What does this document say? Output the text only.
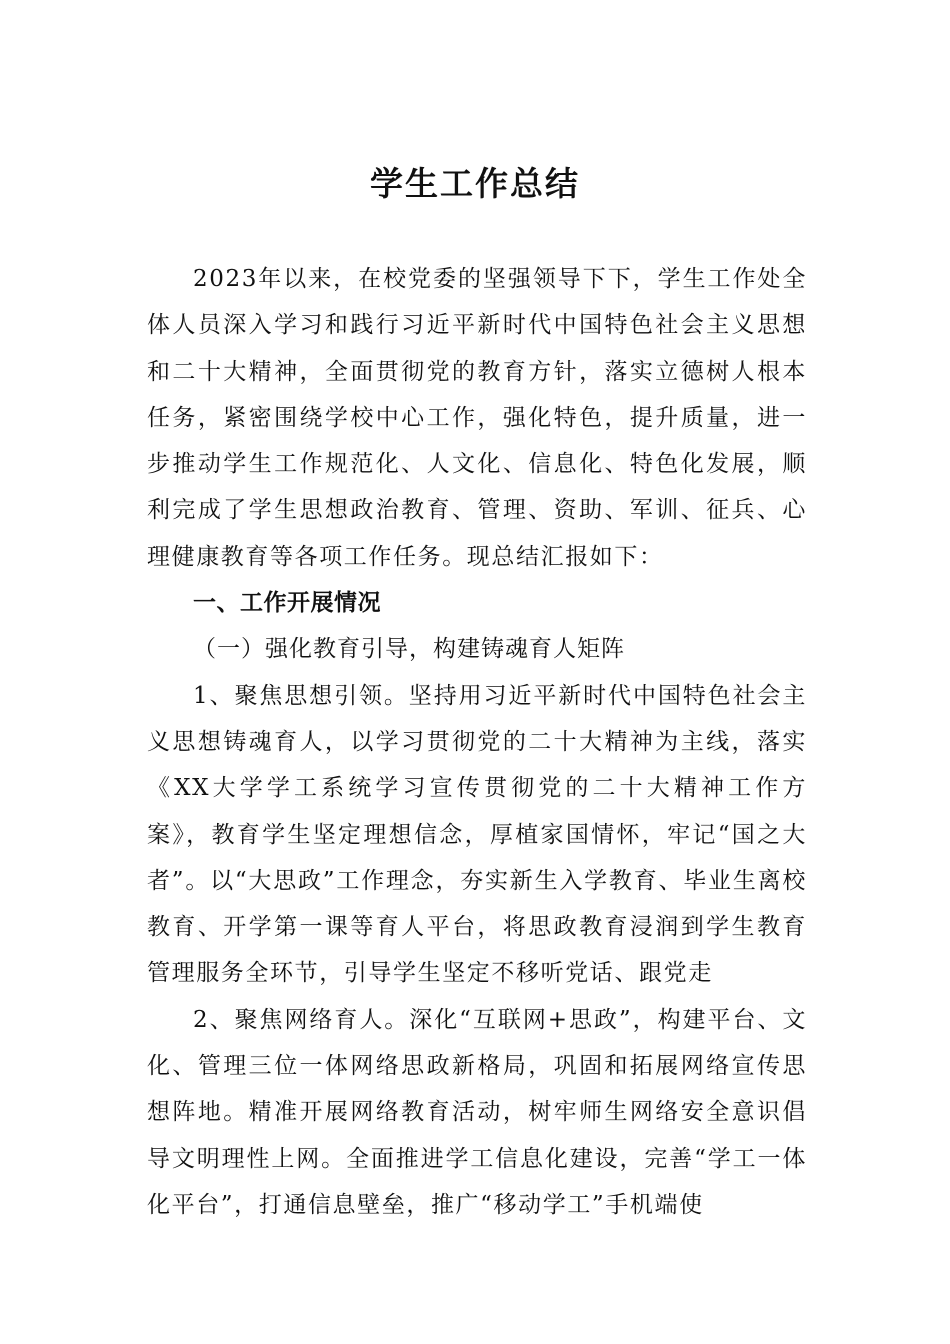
学生工作总结

2023年以来，在校党委的坚强领导下下，学生工作处全体人员深入学习和践行习近平新时代中国特色社会主义思想和二十大精神，全面贯彻党的教育方针，落实立德树人根本任务，紧密围绕学校中心工作，强化特色，提升质量，进一步推动学生工作规范化、人文化、信息化、特色化发展，顺利完成了学生思想政治教育、管理、资助、军训、征兵、心理健康教育等各项工作任务。现总结汇报如下：

一、工作开展情况

（一）强化教育引导，构建铸魂育人矩阵

1、聚焦思想引领。坚持用习近平新时代中国特色社会主义思想铸魂育人，以学习贯彻党的二十大精神为主线，落实《XX大学学工系统学习宣传贯彻党的二十大精神工作方案》，教育学生坚定理想信念，厚植家国情怀，牢记“国之大者”。以“大思政”工作理念，夯实新生入学教育、毕业生离校教育、开学第一课等育人平台，将思政教育浸润到学生教育管理服务全环节，引导学生坚定不移听党话、跟党走

2、聚焦网络育人。深化“互联网+思政”，构建平台、文化、管理三位一体网络思政新格局，巩固和拓展网络宣传思想阵地。精准开展网络教育活动，树牢师生网络安全意识倡导文明理性上网。全面推进学工信息化建设，完善“学工一体化平台”，打通信息壁垒，推广“移动学工”手机端使
